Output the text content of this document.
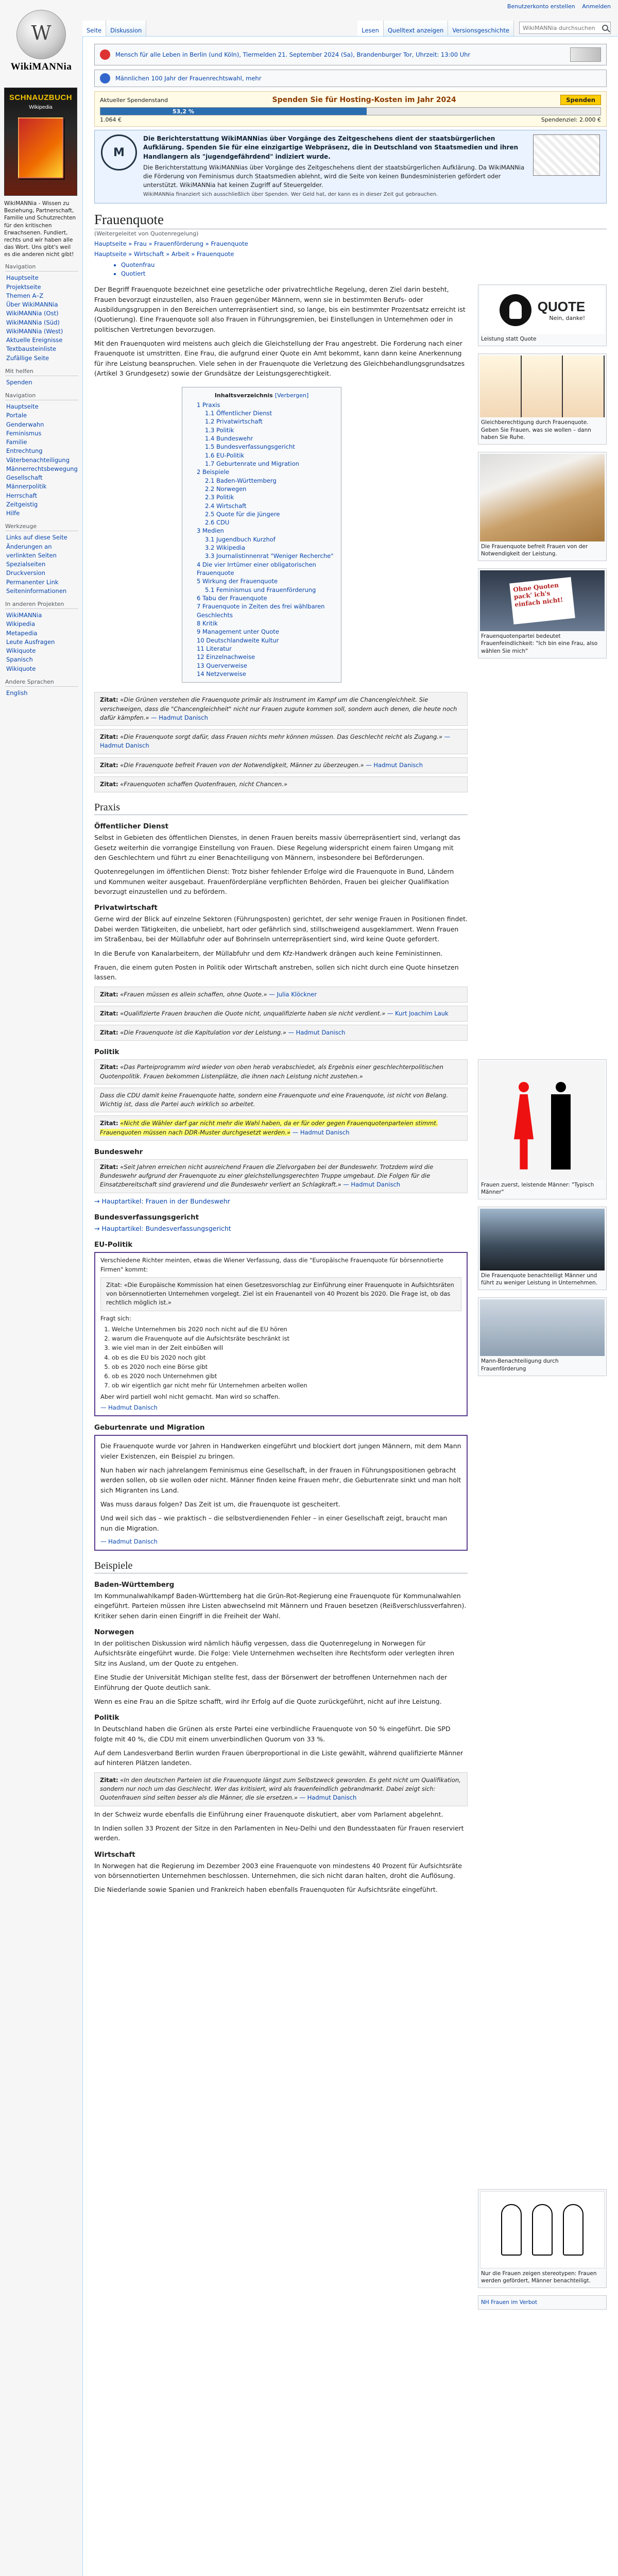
Benutzerkonto erstellen Anmelden
W
WikiMANNia
Seite	Diskussion	Lesen	Quelltext anzeigen	Versionsgeschichte
WikiMANNia durchsuchen
SCHNAUZBUCH
Wikipedia
WikiMANNia - Wissen zu Beziehung, Partnerschaft, Familie und Schutzrechten für den kritischen Erwachsenen. Fundiert, rechts und wir haben alle das Wort. Uns gibt's weil es die anderen nicht gibt!
Navigation
Hauptseite
Projektseite
Themen A–Z
Über WikiMANNia
WikiMANNia (Ost)
WikiMANNia (Süd)
WikiMANNia (West)
Aktuelle Ereignisse
Textbausteinliste
Zufällige Seite
Mit helfen
Spenden
Navigation
Hauptseite
Portale
Genderwahn
Feminismus
Familie
Entrechtung
Väterbenachteiligung
Männerrechtsbewegung
Gesellschaft
Männerpolitik
Herrschaft
Zeitgeistig
Hilfe
Werkzeuge
Links auf diese Seite
Änderungen an verlinkten Seiten
Spezialseiten
Druckversion
Permanenter Link
Seiteninformationen
In anderen Projekten
WikiMANNia
Wikipedia
Metapedia
Leute Ausfragen
Wikiquote
Spanisch
Wikiquote
Andere Sprachen
English
Mensch für alle Leben in Berlin (und Köln), Tiermelden 21. September 2024 (Sa), Brandenburger Tor, Uhrzeit: 13:00 Uhr
Männlichen 100 Jahr der Frauenrechtswahl, mehr
Aktueller Spendenstand	Spenden Sie für Hosting-Kosten im Jahr 2024	Spenden
53,2 %
1.064 €	Spendenziel: 2.000 €
M
Die Berichterstattung WikiMANNias über Vorgänge des Zeitgeschehens dient der staatsbürgerlichen Aufklärung. Spenden Sie für eine einzigartige Webpräsenz, die in Deutschland von Staatsmedien und ihren Handlangern als "jugendgefährdend" indiziert wurde.
Die Berichterstattung WikiMANNias über Vorgänge des Zeitgeschehens dient der staatsbürgerlichen Aufklärung. Da WikiMANNia die Förderung von Feminismus durch Staatsmedien ablehnt, wird die Seite von keinen Bundesministerien gefördert oder unterstützt. WikiMANNia hat keinen Zugriff auf Steuergelder.
WikiMANNia finanziert sich ausschließlich über Spenden. Wer Geld hat, der kann es in dieser Zeit gut gebrauchen.
Frauenquote
(Weitergeleitet von Quotenregelung)
Hauptseite » Frau » Frauenförderung » Frauenquote
Hauptseite » Wirtschaft » Arbeit » Frauenquote
• Quotenfrau
• Quotiert

Der Begriff Frauenquote bezeichnet eine gesetzliche oder privatrechtliche Regelung, deren Ziel darin besteht, Frauen bevorzugt einzustellen, also Frauen gegenüber Männern, wenn sie in bestimmten Berufs- oder Ausbildungsgruppen in den Bereichen unterrepräsentiert sind, so lange, bis ein bestimmter Prozentsatz erreicht ist (Quotierung). Eine Frauenquote soll also Frauen in Führungsgremien, bei Einstellungen in Unternehmen oder in politischen Vertretungen bevorzugen.

Mit den Frauenquoten wird meistens auch gleich die Gleichstellung der Frau angestrebt. Die Forderung nach einer Frauenquote ist umstritten. Eine Frau, die aufgrund einer Quote ein Amt bekommt, kann dann keine Anerkennung für ihre Leistung beanspruchen. Viele sehen in der Frauenquote die Verletzung des Gleichbehandlungsgrundsatzes (Artikel 3 Grundgesetz) sowie der Grundsätze der Leistungsgerechtigkeit.

Inhaltsverzeichnis [Verbergen]
1 Praxis
1.1 Öffentlicher Dienst
1.2 Privatwirtschaft
1.3 Politik
1.4 Bundeswehr
1.5 Bundesverfassungsgericht
1.6 EU-Politik
1.7 Geburtenrate und Migration
2 Beispiele
2.1 Baden-Württemberg
2.2 Norwegen
2.3 Politik
2.4 Wirtschaft
2.5 Quote für die Jüngere
2.6 CDU
3 Medien
3.1 Jugendbuch Kurzhof
3.2 Wikipedia
3.3 Journalistinnenrat "Weniger Recherche"
4 Die vier Irrtümer einer obligatorischen Frauenquote
5 Wirkung der Frauenquote
5.1 Feminismus und Frauenförderung
6 Tabu der Frauenquote
7 Frauenquote in Zeiten des frei wählbaren Geschlechts
8 Kritik
9 Management unter Quote
10 Deutschlandweite Kultur
11 Literatur
12 Einzelnachweise
13 Querverweise
14 Netzverweise
Zitat: «Die Grünen verstehen die Frauenquote primär als Instrument im Kampf um die Chancengleichheit. Sie verschweigen, dass die "Chancengleichheit" nicht nur Frauen zugute kommen soll, sondern auch denen, die heute noch dafür kämpfen.» — Hadmut Danisch
Zitat: «Die Frauenquote sorgt dafür, dass Frauen nichts mehr können müssen. Das Geschlecht reicht als Zugang.» — Hadmut Danisch
Zitat: «Die Frauenquote befreit Frauen von der Notwendigkeit, Männer zu überzeugen.» — Hadmut Danisch
Zitat: «Frauenquoten schaffen Quotenfrauen, nicht Chancen.»
Praxis
Öffentlicher Dienst

Selbst in Gebieten des öffentlichen Dienstes, in denen Frauen bereits massiv überrepräsentiert sind, verlangt das Gesetz weiterhin die vorrangige Einstellung von Frauen. Diese Regelung widerspricht einem fairen Umgang mit den Geschlechtern und führt zu einer Benachteiligung von Männern, insbesondere bei Beförderungen.

Quotenregelungen im öffentlichen Dienst: Trotz bisher fehlender Erfolge wird die Frauenquote in Bund, Ländern und Kommunen weiter ausgebaut. Frauenförderpläne verpflichten Behörden, Frauen bei gleicher Qualifikation bevorzugt einzustellen und zu befördern.

Privatwirtschaft

Gerne wird der Blick auf einzelne Sektoren (Führungsposten) gerichtet, der sehr wenige Frauen in Positionen findet. Dabei werden Tätigkeiten, die unbeliebt, hart oder gefährlich sind, stillschweigend ausgeklammert. Wenn Frauen im Straßenbau, bei der Müllabfuhr oder auf Bohrinseln unterrepräsentiert sind, wird keine Quote gefordert.

In die Berufe von Kanalarbeitern, der Müllabfuhr und dem Kfz-Handwerk drängen auch keine Feministinnen.

Frauen, die einem guten Posten in Politik oder Wirtschaft anstreben, sollen sich nicht durch eine Quote hinsetzen lassen.

Zitat: «Frauen müssen es allein schaffen, ohne Quote.» — Julia Klöckner
Zitat: «Qualifizierte Frauen brauchen die Quote nicht, unqualifizierte haben sie nicht verdient.» — Kurt Joachim Lauk
Zitat: «Die Frauenquote ist die Kapitulation vor der Leistung.» — Hadmut Danisch
Politik
Zitat: «Das Parteiprogramm wird wieder von oben herab verabschiedet, als Ergebnis einer geschlechterpolitischen Quotenpolitik. Frauen bekommen Listenplätze, die ihnen nach Leistung nicht zustehen.»
Dass die CDU damit keine Frauenquote hatte, sondern eine Frauenquote und eine Frauenquote, ist nicht von Belang. Wichtig ist, dass die Partei auch wirklich so arbeitet.
Zitat: «Nicht die Wähler darf gar nicht mehr die Wahl haben, da er für oder gegen Frauenquotenparteien stimmt. Frauenquoten müssen nach DDR-Muster durchgesetzt werden.» — Hadmut Danisch
Bundeswehr
Zitat: «Seit Jahren erreichen nicht ausreichend Frauen die Zielvorgaben bei der Bundeswehr. Trotzdem wird die Bundeswehr aufgrund der Frauenquote zu einer gleichstellungsgerechten Truppe umgebaut. Die Folgen für die Einsatzbereitschaft sind gravierend und die Bundeswehr verliert an Schlagkraft.» — Hadmut Danisch

→ Hauptartikel: Frauen in der Bundeswehr

Bundesverfassungsgericht

→ Hauptartikel: Bundesverfassungsgericht

EU-Politik
Verschiedene Richter meinten, etwas die Wiener Verfassung, dass die "Europäische Frauenquote für börsennotierte Firmen" kommt:
Zitat: «Die Europäische Kommission hat einen Gesetzesvorschlag zur Einführung einer Frauenquote in Aufsichtsräten von börsennotierten Unternehmen vorgelegt. Ziel ist ein Frauenanteil von 40 Prozent bis 2020. Die Frage ist, ob das rechtlich möglich ist.»
Fragt sich:
1. Welche Unternehmen bis 2020 noch nicht auf die EU hören
2. warum die Frauenquote auf die Aufsichtsräte beschränkt ist
3. wie viel man in der Zeit einbüßen will
4. ob es die EU bis 2020 noch gibt
5. ob es 2020 noch eine Börse gibt
6. ob es 2020 noch Unternehmen gibt
7. ob wir eigentlich gar nicht mehr für Unternehmen arbeiten wollen
Aber wird partiell wohl nicht gemacht. Man wird so schaffen.
— Hadmut Danisch
Geburtenrate und Migration

Die Frauenquote wurde vor Jahren in Handwerken eingeführt und blockiert dort jungen Männern, mit dem Mann vieler Existenzen, ein Beispiel zu bringen.

Nun haben wir nach jahrelangem Feminismus eine Gesellschaft, in der Frauen in Führungspositionen gebracht werden sollen, ob sie wollen oder nicht. Männer finden keine Frauen mehr, die Geburtenrate sinkt und man holt sich Migranten ins Land.

Was muss daraus folgen? Das Zeit ist um, die Frauenquote ist gescheitert.

Und weil sich das – wie praktisch – die selbstverdienenden Fehler – in einer Gesellschaft zeigt, braucht man nun die Migration.

— Hadmut Danisch
Beispiele
Baden-Württemberg

Im Kommunalwahlkampf Baden-Württemberg hat die Grün-Rot-Regierung eine Frauenquote für Kommunalwahlen eingeführt. Parteien müssen ihre Listen abwechselnd mit Männern und Frauen besetzen (Reißverschlussverfahren). Kritiker sehen darin einen Eingriff in die Freiheit der Wahl.

Norwegen

In der politischen Diskussion wird nämlich häufig vergessen, dass die Quotenregelung in Norwegen für Aufsichtsräte eingeführt wurde. Die Folge: Viele Unternehmen wechselten ihre Rechtsform oder verlegten ihren Sitz ins Ausland, um der Quote zu entgehen.

Eine Studie der Universität Michigan stellte fest, dass der Börsenwert der betroffenen Unternehmen nach der Einführung der Quote deutlich sank.

Wenn es eine Frau an die Spitze schafft, wird ihr Erfolg auf die Quote zurückgeführt, nicht auf ihre Leistung.

Politik

In Deutschland haben die Grünen als erste Partei eine verbindliche Frauenquote von 50 % eingeführt. Die SPD folgte mit 40 %, die CDU mit einem unverbindlichen Quorum von 33 %.

Auf dem Landesverband Berlin wurden Frauen überproportional in die Liste gewählt, während qualifizierte Männer auf hinteren Plätzen landeten.

Zitat: «In den deutschen Parteien ist die Frauenquote längst zum Selbstzweck geworden. Es geht nicht um Qualifikation, sondern nur noch um das Geschlecht. Wer das kritisiert, wird als frauenfeindlich gebrandmarkt. Dabei zeigt sich: Quotenfrauen sind selten besser als die Männer, die sie ersetzen.» — Hadmut Danisch

In der Schweiz wurde ebenfalls die Einführung einer Frauenquote diskutiert, aber vom Parlament abgelehnt.

In Indien sollen 33 Prozent der Sitze in den Parlamenten in Neu-Delhi und den Bundesstaaten für Frauen reserviert werden.

Wirtschaft

In Norwegen hat die Regierung im Dezember 2003 eine Frauenquote von mindestens 40 Prozent für Aufsichtsräte von börsennotierten Unternehmen beschlossen. Unternehmen, die sich nicht daran halten, droht die Auflösung.

Die Niederlande sowie Spanien und Frankreich haben ebenfalls Frauenquoten für Aufsichtsräte eingeführt.

QUOTE
Nein, danke!
Leistung statt Quote
Gleichberechtigung durch Frauenquote. Geben Sie Frauen, was sie wollen – dann haben Sie Ruhe.
Die Frauenquote befreit Frauen von der Notwendigkeit der Leistung.
Ohne Quoten pack' ich's einfach nicht!
Frauenquotenpartei bedeutet Frauenfeindlichkeit: "Ich bin eine Frau, also wählen Sie mich"
Frauen zuerst, leistende Männer: "Typisch Männer"
Die Frauenquote benachteiligt Männer und führt zu weniger Leistung in Unternehmen.
Mann-Benachteiligung durch Frauenförderung
Nur die Frauen zeigen stereotypen: Frauen werden gefördert, Männer benachteiligt.
NH Frauen im Verbot
